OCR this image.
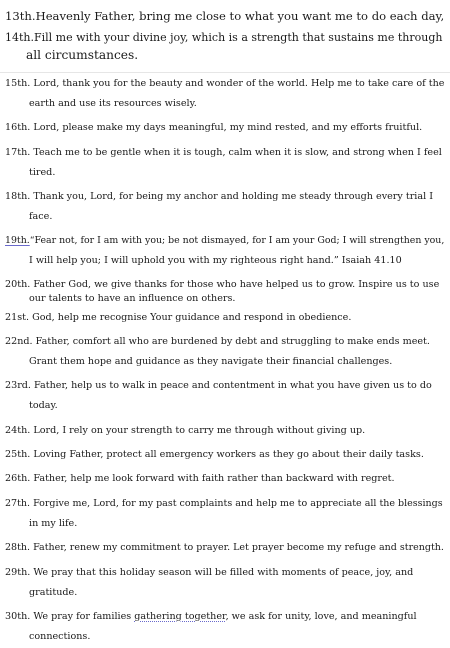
13th.Heavenly Father, bring me close to what you want me to do each day,
14th.Fill me with your divine joy, which is a strength that sustains me through
all circumstances.
15th. Lord, thank you for the beauty and wonder of the world. Help me to take care of the
earth and use its resources wisely.
16th. Lord, please make my days meaningful, my mind rested, and my efforts fruitful.
17th. Teach me to be gentle when it is tough, calm when it is slow, and strong when I feel
tired.
18th. Thank you, Lord, for being my anchor and holding me steady through every trial I
face.
19th.“Fear not, for I am with you; be not dismayed, for I am your God; I will strengthen you,
I will help you; I will uphold you with my righteous right hand.” Isaiah 41.10
20th. Father God, we give thanks for those who have helped us to grow. Inspire us to use
our talents to have an influence on others.
21st. God, help me recognise Your guidance and respond in obedience.
22nd. Father, comfort all who are burdened by debt and struggling to make ends meet.
Grant them hope and guidance as they navigate their financial challenges.
23rd. Father, help us to walk in peace and contentment in what you have given us to do
today.
24th. Lord, I rely on your strength to carry me through without giving up.
25th. Loving Father, protect all emergency workers as they go about their daily tasks.
26th. Father, help me look forward with faith rather than backward with regret.
27th. Forgive me, Lord, for my past complaints and help me to appreciate all the blessings
in my life.
28th. Father, renew my commitment to prayer. Let prayer become my refuge and strength.
29th. We pray that this holiday season will be filled with moments of peace, joy, and
gratitude.
30th. We pray for families gathering together, we ask for unity, love, and meaningful
connections.
